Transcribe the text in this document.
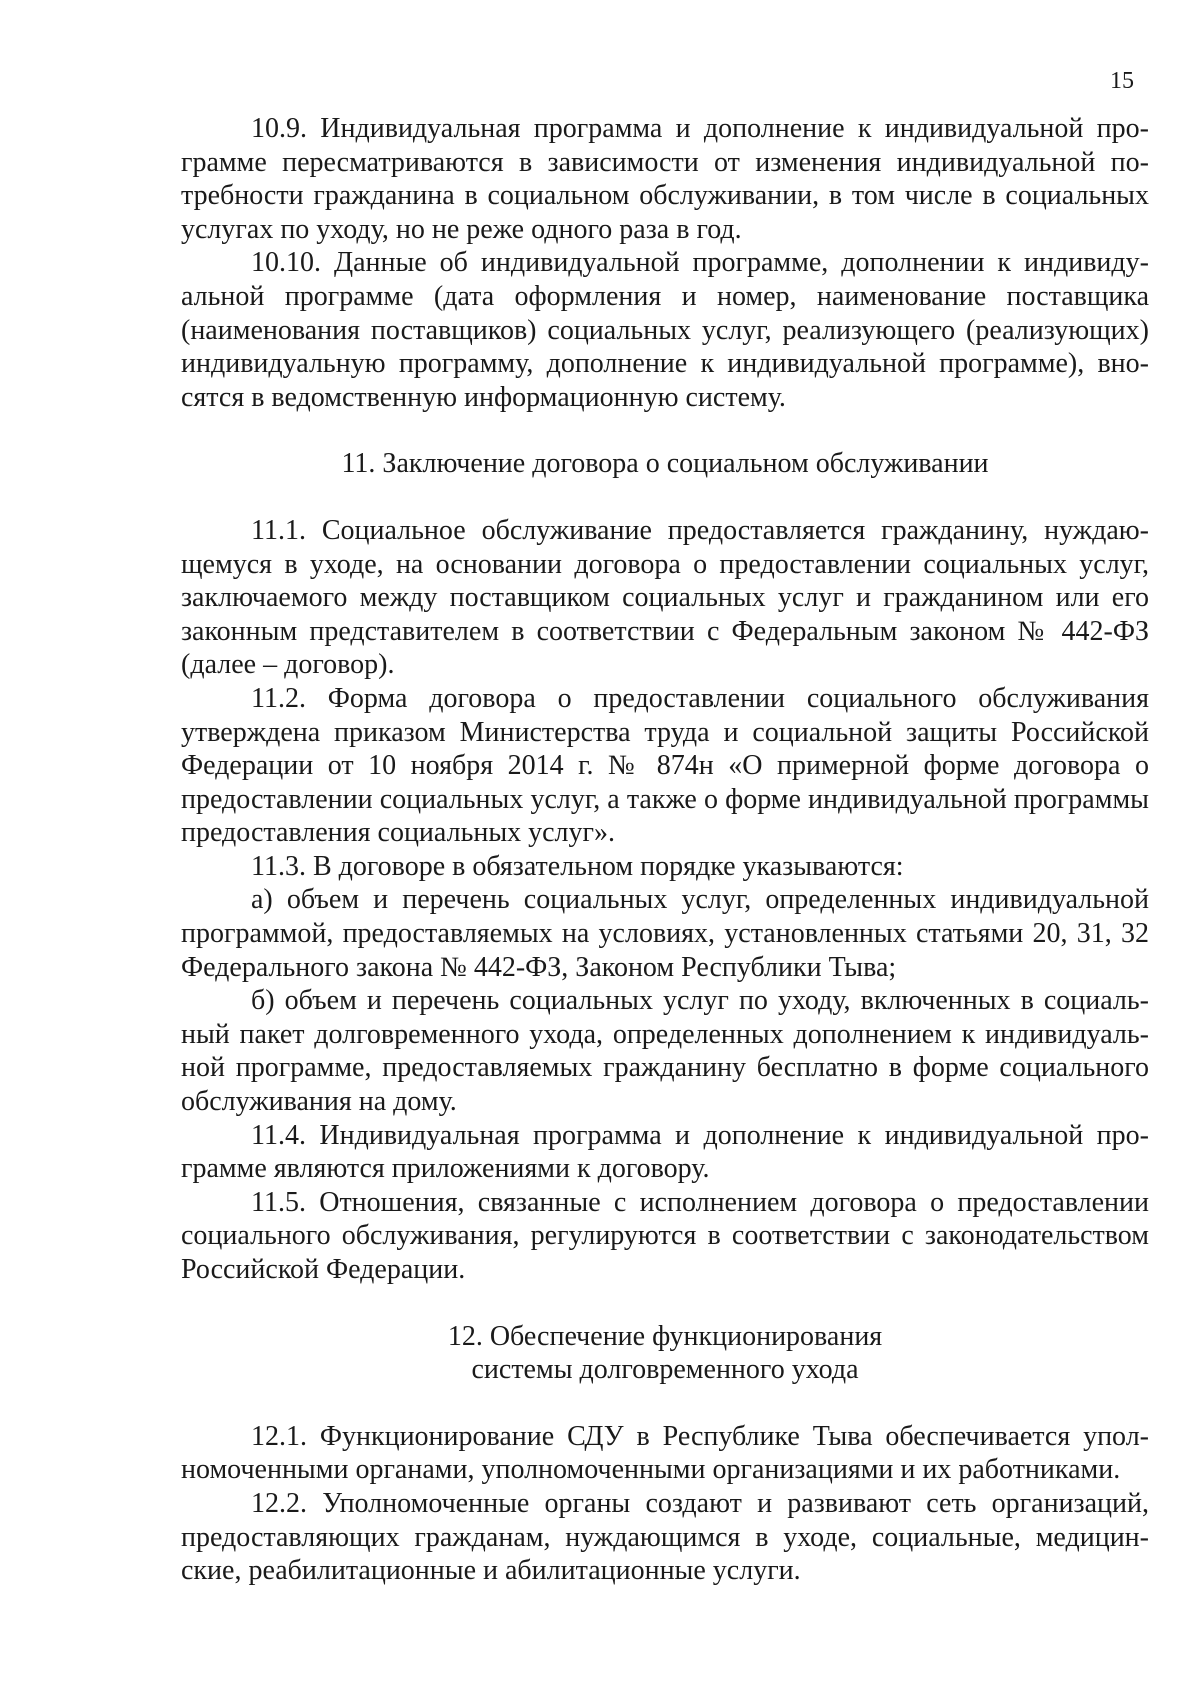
15

10.9. Индивидуальная программа и дополнение к индивидуальной программе пересматриваются в зависимости от изменения индивидуальной потребности гражданина в социальном обслуживании, в том числе в социальных услугах по уходу, но не реже одного раза в год.

10.10. Данные об индивидуальной программе, дополнении к индивидуальной программе (дата оформления и номер, наименование поставщика (наименования поставщиков) социальных услуг, реализующего (реализующих) индивидуальную программу, дополнение к индивидуальной программе), вносятся в ведомственную информационную систему.

11. Заключение договора о социальном обслуживании

11.1. Социальное обслуживание предоставляется гражданину, нуждающемуся в уходе, на основании договора о предоставлении социальных услуг, заключаемого между поставщиком социальных услуг и гражданином или его законным представителем в соответствии с Федеральным законом № 442-ФЗ (далее – договор).

11.2. Форма договора о предоставлении социального обслуживания утверждена приказом Министерства труда и социальной защиты Российской Федерации от 10 ноября 2014 г. № 874н «О примерной форме договора о предоставлении социальных услуг, а также о форме индивидуальной программы предоставления социальных услуг».

11.3. В договоре в обязательном порядке указываются:

а) объем и перечень социальных услуг, определенных индивидуальной программой, предоставляемых на условиях, установленных статьями 20, 31, 32 Федерального закона № 442-ФЗ, Законом Республики Тыва;

б) объем и перечень социальных услуг по уходу, включенных в социальный пакет долговременного ухода, определенных дополнением к индивидуальной программе, предоставляемых гражданину бесплатно в форме социального обслуживания на дому.

11.4. Индивидуальная программа и дополнение к индивидуальной программе являются приложениями к договору.

11.5. Отношения, связанные с исполнением договора о предоставлении социального обслуживания, регулируются в соответствии с законодательством Российской Федерации.

12. Обеспечение функционирования
системы долговременного ухода

12.1. Функционирование СДУ в Республике Тыва обеспечивается уполномоченными органами, уполномоченными организациями и их работниками.

12.2. Уполномоченные органы создают и развивают сеть организаций, предоставляющих гражданам, нуждающимся в уходе, социальные, медицинские, реабилитационные и абилитационные услуги.
